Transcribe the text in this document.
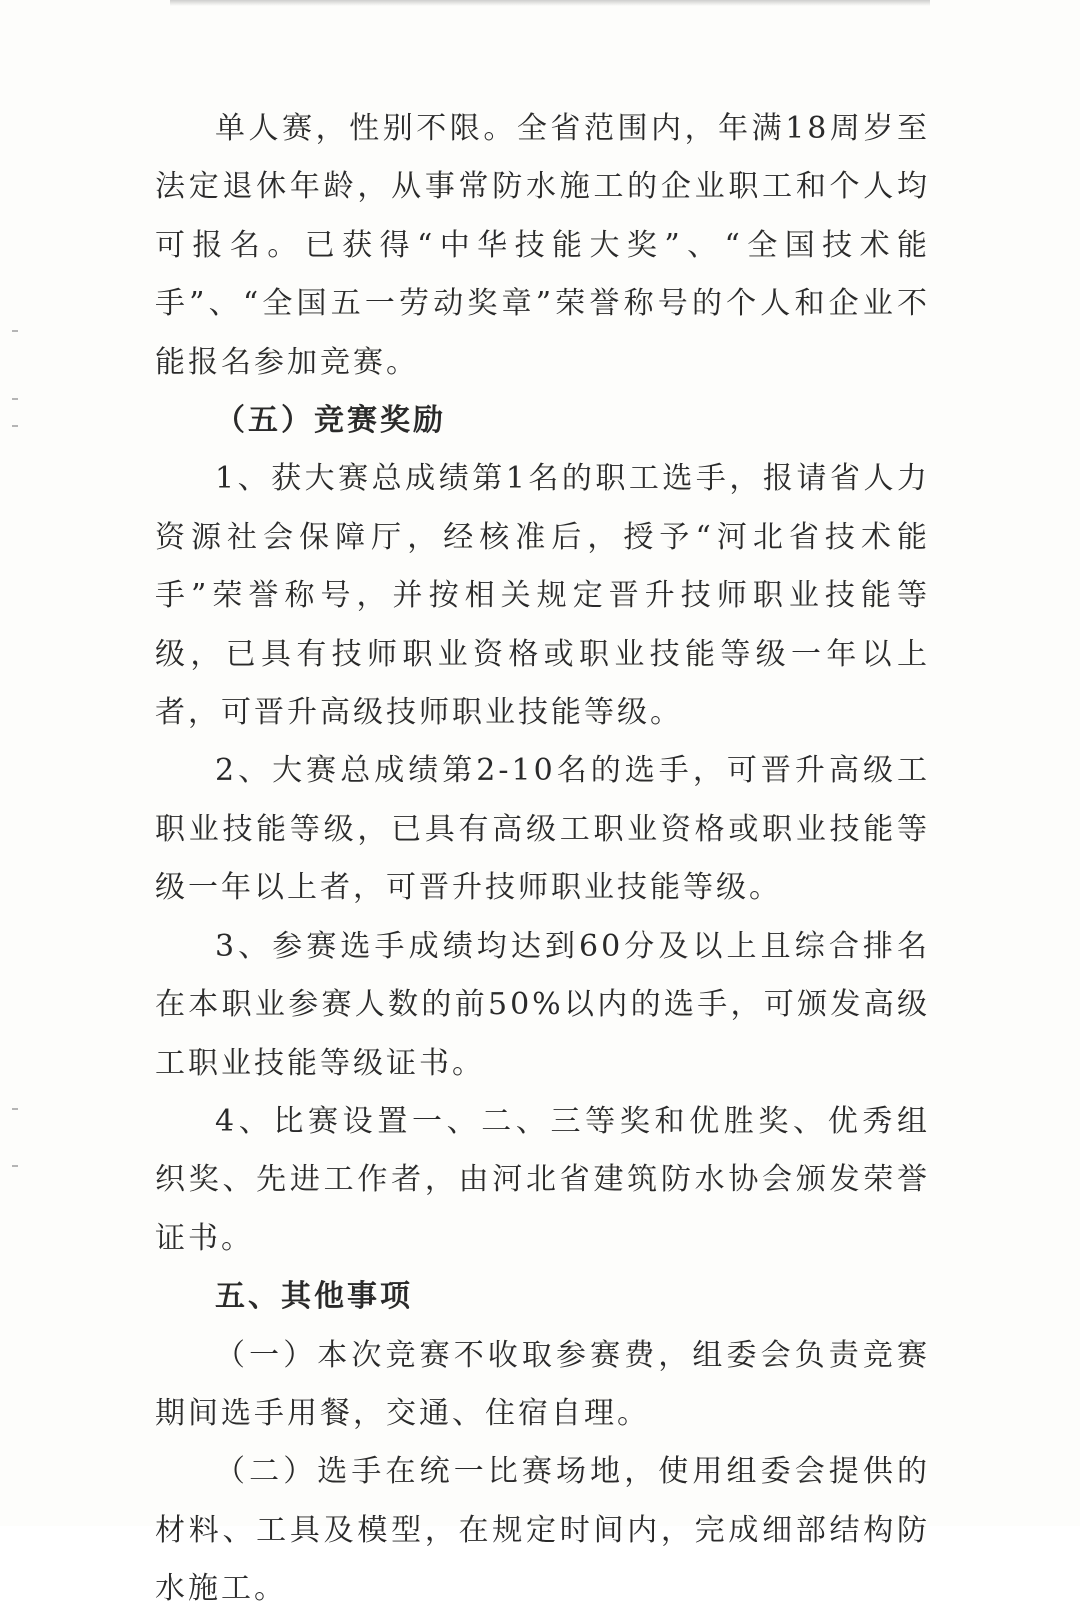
单人赛，性别不限。全省范围内，年满18周岁至法定退休年龄，从事常防水施工的企业职工和个人均可报名。已获得“中华技能大奖”、“全国技术能手”、“全国五一劳动奖章”荣誉称号的个人和企业不能报名参加竞赛。

（五）竞赛奖励

1、获大赛总成绩第1名的职工选手，报请省人力资源社会保障厅，经核准后，授予“河北省技术能手”荣誉称号，并按相关规定晋升技师职业技能等级，已具有技师职业资格或职业技能等级一年以上者，可晋升高级技师职业技能等级。

2、大赛总成绩第2-10名的选手，可晋升高级工职业技能等级，已具有高级工职业资格或职业技能等级一年以上者，可晋升技师职业技能等级。

3、参赛选手成绩均达到60分及以上且综合排名在本职业参赛人数的前50%以内的选手，可颁发高级工职业技能等级证书。

4、比赛设置一、二、三等奖和优胜奖、优秀组织奖、先进工作者，由河北省建筑防水协会颁发荣誉证书。

五、其他事项

（一）本次竞赛不收取参赛费，组委会负责竞赛期间选手用餐，交通、住宿自理。

（二）选手在统一比赛场地，使用组委会提供的材料、工具及模型，在规定时间内，完成细部结构防水施工。
